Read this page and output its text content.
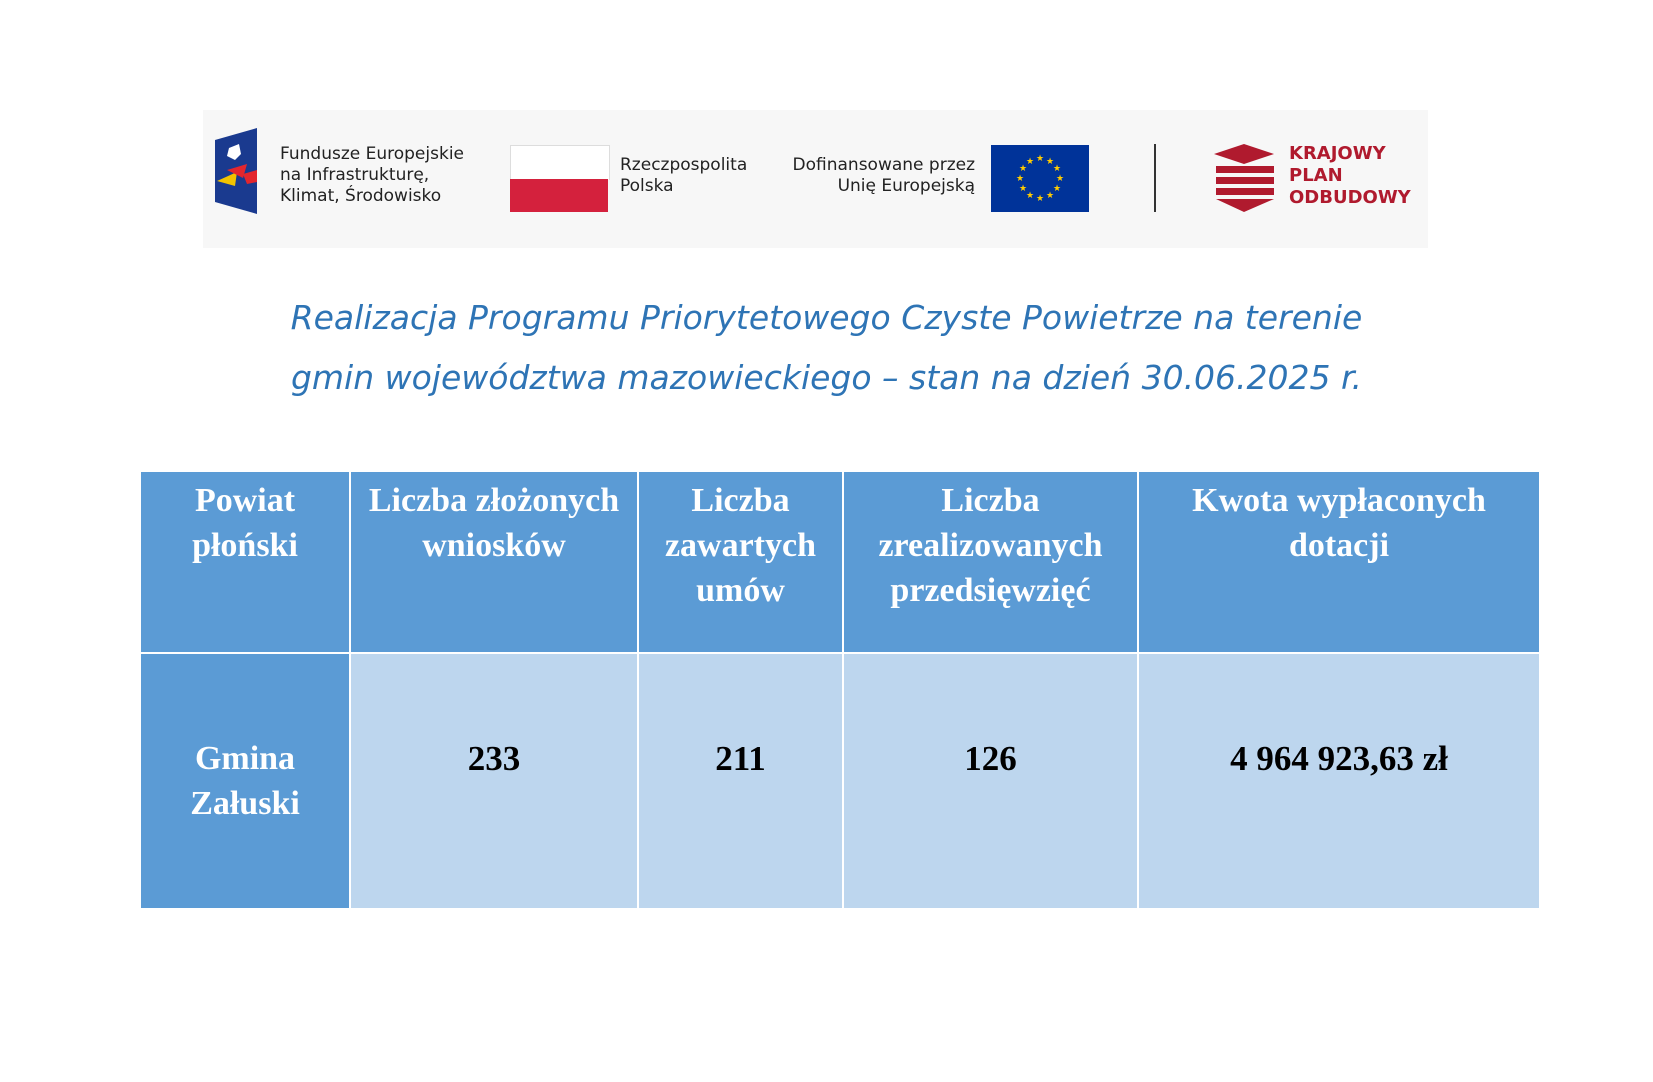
Fundusze Europejskie
na Infrastrukturę,
Klimat, Środowisko
Rzeczpospolita
Polska
Dofinansowane przez
Unię Europejską
★ ★
★
★
★
★
★
★
★
★
★
★	KRAJOWY
PLAN
ODBUDOWY
Realizacja Programu Priorytetowego Czyste Powietrze na terenie
gmin województwa mazowieckiego – stan na dzień 30.06.2025 r.
Powiat płoński	Liczba złożonych wniosków	Liczba zawartych umów	Liczba zrealizowanych przedsięwzięć	Kwota wypłaconych dotacji
Gmina Załuski	233	211	126	4 964 923,63 zł
